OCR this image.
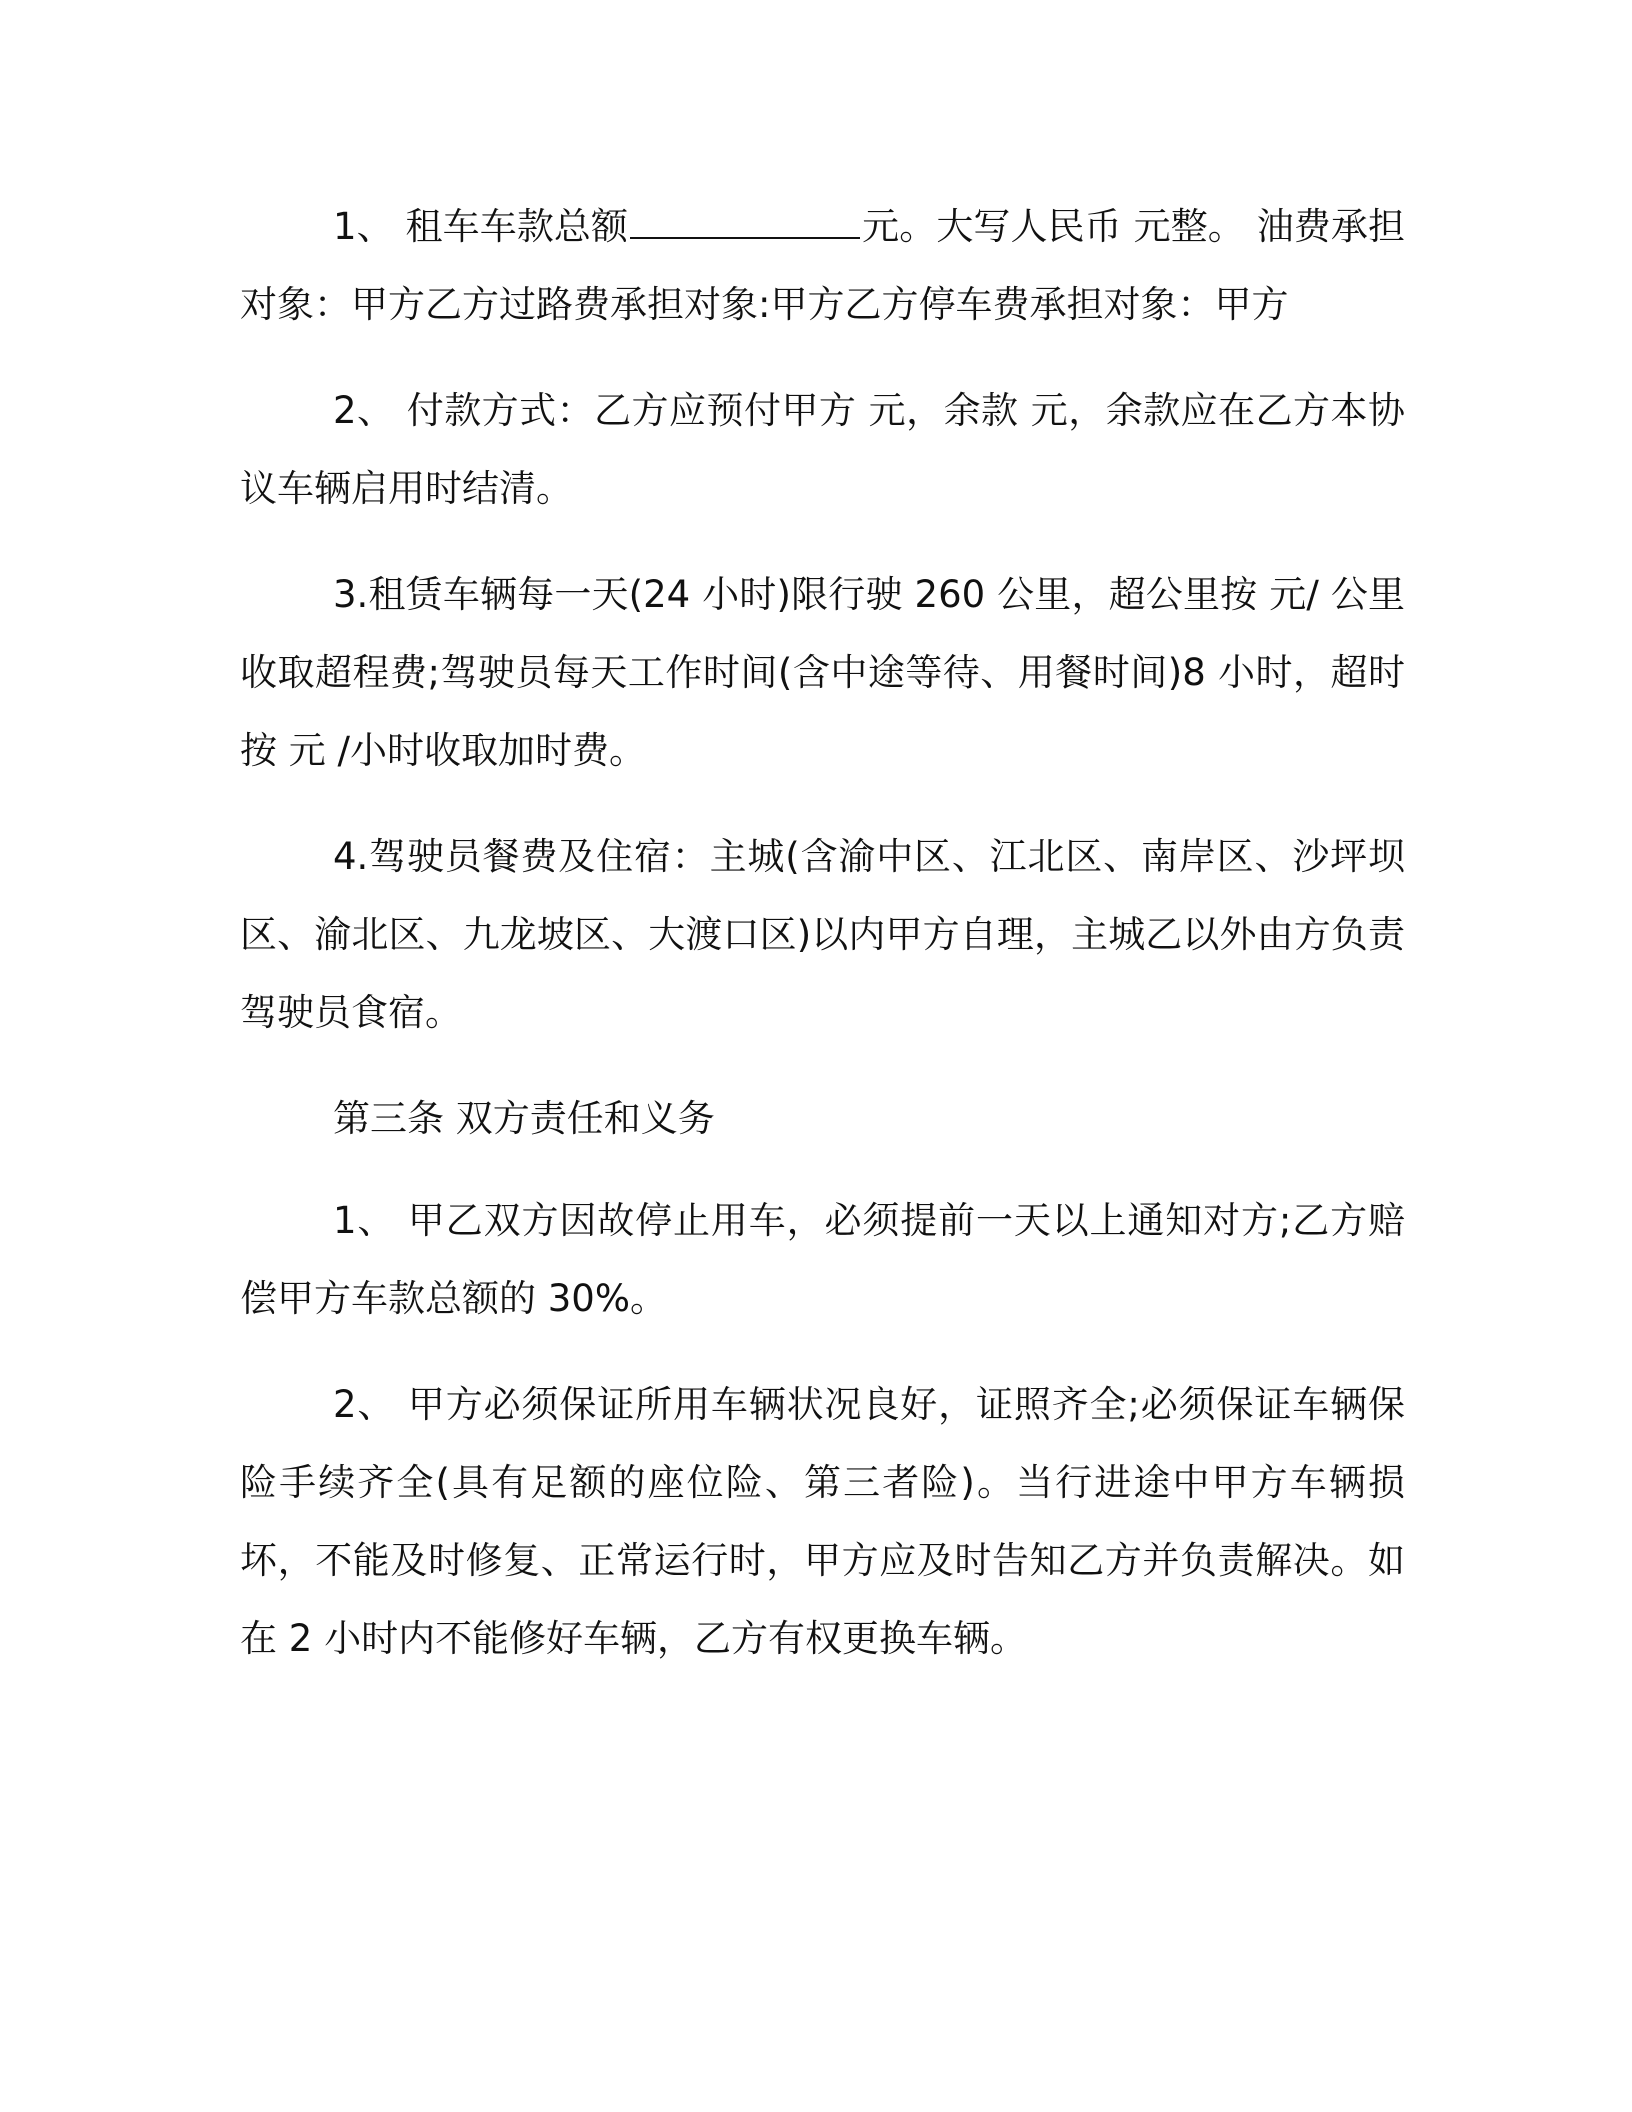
1、 租车车款总额	元。大写人民币 元整。 油费承担对象：甲方乙方过路费承担对象:甲方乙方停车费承担对象：甲方

2、 付款方式：乙方应预付甲方 元，余款 元，余款应在乙方本协议车辆启用时结清。

3.租赁车辆每一天(24 小时)限行驶 260 公里，超公里按 元/ 公里收取超程费;驾驶员每天工作时间(含中途等待、用餐时间)8 小时，超时按 元 /小时收取加时费。

4.驾驶员餐费及住宿：主城(含渝中区、江北区、南岸区、沙坪坝区、渝北区、九龙坡区、大渡口区)以内甲方自理，主城乙以外由方负责驾驶员食宿。

第三条 双方责任和义务

1、 甲乙双方因故停止用车，必须提前一天以上通知对方;乙方赔偿甲方车款总额的 30%。

2、 甲方必须保证所用车辆状况良好，证照齐全;必须保证车辆保险手续齐全(具有足额的座位险、第三者险)。当行进途中甲方车辆损坏，不能及时修复、正常运行时，甲方应及时告知乙方并负责解决。如在 2 小时内不能修好车辆，乙方有权更换车辆。
